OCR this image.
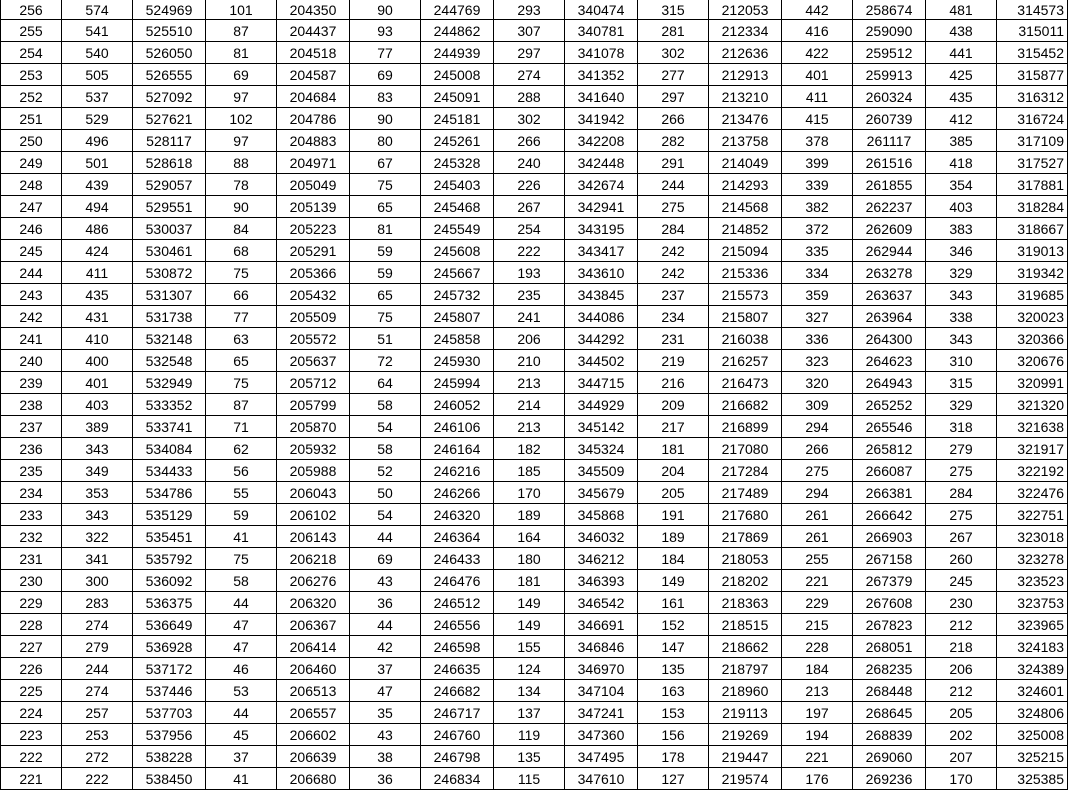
256	574	524969	101	204350	90	244769	293	340474	315	212053	442	258674	481	314573
255	541	525510	87	204437	93	244862	307	340781	281	212334	416	259090	438	315011
254	540	526050	81	204518	77	244939	297	341078	302	212636	422	259512	441	315452
253	505	526555	69	204587	69	245008	274	341352	277	212913	401	259913	425	315877
252	537	527092	97	204684	83	245091	288	341640	297	213210	411	260324	435	316312
251	529	527621	102	204786	90	245181	302	341942	266	213476	415	260739	412	316724
250	496	528117	97	204883	80	245261	266	342208	282	213758	378	261117	385	317109
249	501	528618	88	204971	67	245328	240	342448	291	214049	399	261516	418	317527
248	439	529057	78	205049	75	245403	226	342674	244	214293	339	261855	354	317881
247	494	529551	90	205139	65	245468	267	342941	275	214568	382	262237	403	318284
246	486	530037	84	205223	81	245549	254	343195	284	214852	372	262609	383	318667
245	424	530461	68	205291	59	245608	222	343417	242	215094	335	262944	346	319013
244	411	530872	75	205366	59	245667	193	343610	242	215336	334	263278	329	319342
243	435	531307	66	205432	65	245732	235	343845	237	215573	359	263637	343	319685
242	431	531738	77	205509	75	245807	241	344086	234	215807	327	263964	338	320023
241	410	532148	63	205572	51	245858	206	344292	231	216038	336	264300	343	320366
240	400	532548	65	205637	72	245930	210	344502	219	216257	323	264623	310	320676
239	401	532949	75	205712	64	245994	213	344715	216	216473	320	264943	315	320991
238	403	533352	87	205799	58	246052	214	344929	209	216682	309	265252	329	321320
237	389	533741	71	205870	54	246106	213	345142	217	216899	294	265546	318	321638
236	343	534084	62	205932	58	246164	182	345324	181	217080	266	265812	279	321917
235	349	534433	56	205988	52	246216	185	345509	204	217284	275	266087	275	322192
234	353	534786	55	206043	50	246266	170	345679	205	217489	294	266381	284	322476
233	343	535129	59	206102	54	246320	189	345868	191	217680	261	266642	275	322751
232	322	535451	41	206143	44	246364	164	346032	189	217869	261	266903	267	323018
231	341	535792	75	206218	69	246433	180	346212	184	218053	255	267158	260	323278
230	300	536092	58	206276	43	246476	181	346393	149	218202	221	267379	245	323523
229	283	536375	44	206320	36	246512	149	346542	161	218363	229	267608	230	323753
228	274	536649	47	206367	44	246556	149	346691	152	218515	215	267823	212	323965
227	279	536928	47	206414	42	246598	155	346846	147	218662	228	268051	218	324183
226	244	537172	46	206460	37	246635	124	346970	135	218797	184	268235	206	324389
225	274	537446	53	206513	47	246682	134	347104	163	218960	213	268448	212	324601
224	257	537703	44	206557	35	246717	137	347241	153	219113	197	268645	205	324806
223	253	537956	45	206602	43	246760	119	347360	156	219269	194	268839	202	325008
222	272	538228	37	206639	38	246798	135	347495	178	219447	221	269060	207	325215
221	222	538450	41	206680	36	246834	115	347610	127	219574	176	269236	170	325385
